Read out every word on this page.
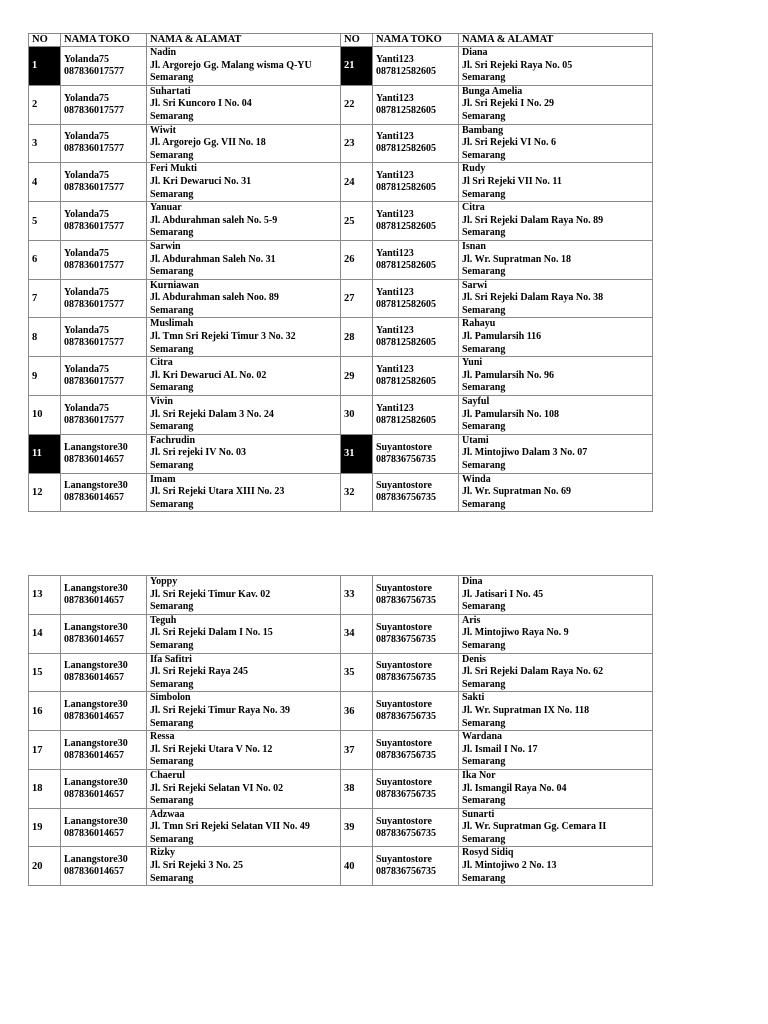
NO	NAMA TOKO	NAMA & ALAMAT	NO	NAMA TOKO	NAMA & ALAMAT
1	Yolanda75
087836017577	Nadin
Jl. Argorejo Gg. Malang wisma Q-YU
Semarang	21	Yanti123
087812582605	Diana
Jl. Sri Rejeki Raya No. 05
Semarang

2	Yolanda75
087836017577	Suhartati
Jl. Sri Kuncoro I No. 04
Semarang	22	Yanti123
087812582605	Bunga Amelia
Jl. Sri Rejeki I No. 29
Semarang

3	Yolanda75
087836017577	Wiwit
Jl. Argorejo Gg. VII No. 18
Semarang	23	Yanti123
087812582605	Bambang
Jl. Sri Rejeki VI No. 6
Semarang

4	Yolanda75
087836017577	Feri Mukti
Jl. Kri Dewaruci No. 31
Semarang	24	Yanti123
087812582605	Rudy
Jl Sri Rejeki VII No. 11
Semarang

5	Yolanda75
087836017577	Yanuar
Jl. Abdurahman saleh No. 5-9
Semarang	25	Yanti123
087812582605	Citra
Jl. Sri Rejeki Dalam Raya No. 89
Semarang

6	Yolanda75
087836017577	Sarwin
Jl. Abdurahman Saleh No. 31
Semarang	26	Yanti123
087812582605	Isnan
Jl. Wr. Supratman No. 18
Semarang

7	Yolanda75
087836017577	Kurniawan
Jl. Abdurahman saleh Noo. 89
Semarang	27	Yanti123
087812582605	Sarwi
Jl. Sri Rejeki Dalam Raya No. 38
Semarang

8	Yolanda75
087836017577	Muslimah
Jl. Tmn Sri Rejeki Timur 3 No. 32
Semarang	28	Yanti123
087812582605	Rahayu
Jl. Pamularsih 116
Semarang

9	Yolanda75
087836017577	Citra
Jl. Kri Dewaruci AL No. 02
Semarang	29	Yanti123
087812582605	Yuni
Jl. Pamularsih No. 96
Semarang

10	Yolanda75
087836017577	Vivin
Jl. Sri Rejeki Dalam 3 No. 24
Semarang	30	Yanti123
087812582605	Sayful
Jl. Pamularsih No. 108
Semarang

11	Lanangstore30
087836014657	Fachrudin
Jl. Sri rejeki IV No. 03
Semarang	31	Suyantostore
087836756735	Utami
Jl. Mintojiwo Dalam 3 No. 07
Semarang

12	Lanangstore30
087836014657	Imam
Jl. Sri Rejeki Utara XIII No. 23
Semarang	32	Suyantostore
087836756735	Winda
Jl. Wr. Supratman No. 69
Semarang
13	Lanangstore30
087836014657	Yoppy
Jl. Sri Rejeki Timur Kav. 02
Semarang	33	Suyantostore
087836756735	Dina
Jl. Jatisari I No. 45
Semarang

14	Lanangstore30
087836014657	Teguh
Jl. Sri Rejeki Dalam I No. 15
Semarang	34	Suyantostore
087836756735	Aris
Jl. Mintojiwo Raya No. 9
Semarang

15	Lanangstore30
087836014657	Ifa Safitri
Jl. Sri Rejeki Raya 245
Semarang	35	Suyantostore
087836756735	Denis
Jl. Sri Rejeki Dalam Raya No. 62
Semarang

16	Lanangstore30
087836014657	Simbolon
Jl. Sri Rejeki Timur Raya No. 39
Semarang	36	Suyantostore
087836756735	Sakti
Jl. Wr. Supratman IX No. 118
Semarang

17	Lanangstore30
087836014657	Ressa
Jl. Sri Rejeki Utara V No. 12
Semarang	37	Suyantostore
087836756735	Wardana
Jl. Ismail I No. 17
Semarang

18	Lanangstore30
087836014657	Chaerul
Jl. Sri Rejeki Selatan VI No. 02
Semarang	38	Suyantostore
087836756735	Ika Nor
Jl. Ismangil Raya No. 04
Semarang

19	Lanangstore30
087836014657	Adzwaa
Jl. Tmn Sri Rejeki Selatan VII No. 49
Semarang	39	Suyantostore
087836756735	Sunarti
Jl. Wr. Supratman Gg. Cemara II
Semarang

20	Lanangstore30
087836014657	Rizky
Jl. Sri Rejeki 3 No. 25
Semarang	40	Suyantostore
087836756735	Rosyd Sidiq
Jl. Mintojiwo 2 No. 13
Semarang
